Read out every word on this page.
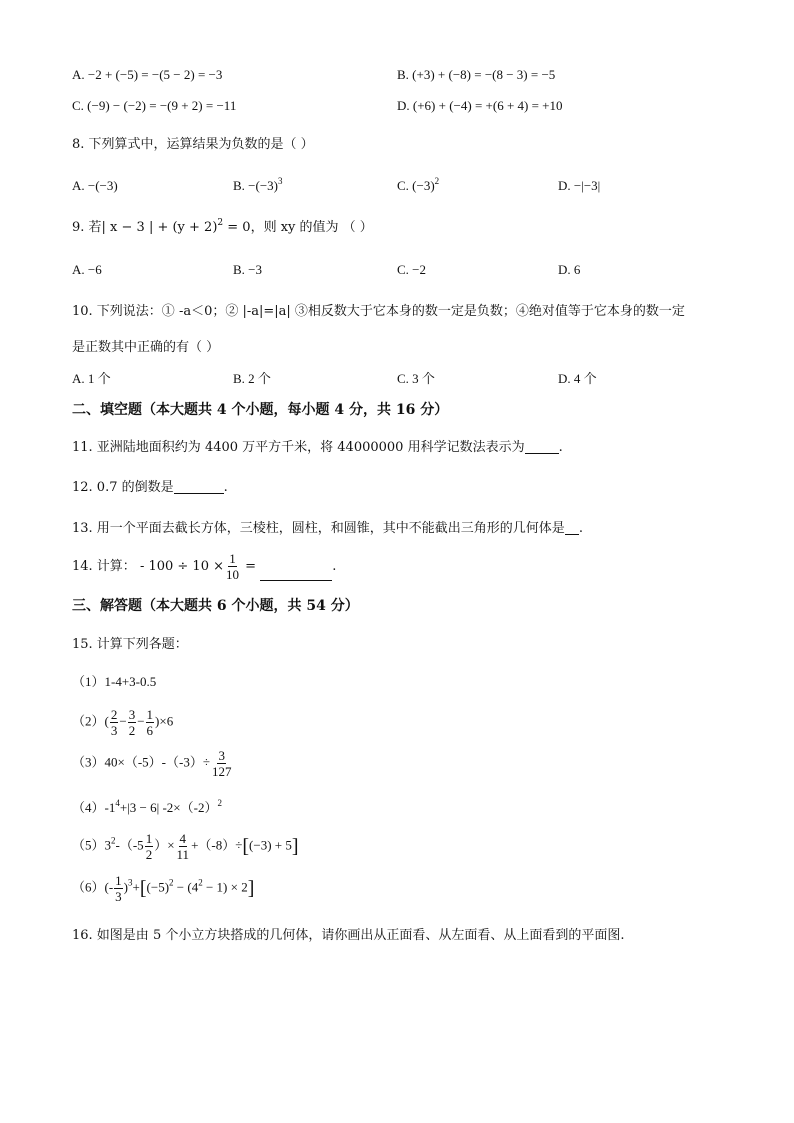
A. −2 + (−5) = −(5 − 2) = −3	B. (+3) + (−8) = −(8 − 3) = −5
C. (−9) − (−2) = −(9 + 2) = −11	D. (+6) + (−4) = +(6 + 4) = +10
8. 下列算式中，运算结果为负数的是（ ）
A. −(−3)	B. $-(-3)^3$	C. $(-3)^2$	D. −|−3|
9. 若| x − 3 | + $(y + 2)^2 = 0$，则 xy 的值为 （ ）
A. −6	B. −3	C. −2	D. 6
10. 下列说法：① -a＜0；② |-a|=|a| ③相反数大于它本身的数一定是负数；④绝对值等于它本身的数一定
是正数其中正确的有（ ）
A. 1 个	B. 2 个	C. 3 个	D. 4 个
二、填空题（本大题共 4 个小题，每小题 4 分，共 16 分）
11. 亚洲陆地面积约为 4400 万平方千米，将 44000000 用科学记数法表示为	.
12. 0.7 的倒数是	.
13. 用一个平面去截长方体，三棱柱，圆柱，和圆锥，其中不能截出三角形的几何体是 .
14. 计算： - $100 \div 10 \times \frac{1}{10}$ =	.
三、解答题（本大题共 6 个小题，共 54 分）
15. 计算下列各题：
（1）1-4+3-0.5
$(2)( \frac{2}{3} - \frac{3}{2} - \frac{1}{6} )\times 6$
$(3)40\times(-5)-(-3)\div \frac{3}{127}$
$(4)-1^4+|3 - 6|$ $-2\times(-2)^2$
$(5)3^2-(-5 \frac{1}{2}$ ）× $\frac{4}{11} +(-8)\div[(-3) + 5]$
$(6)(- \frac{1}{3} )^3+[(-5)^2 - (4^2 - 1) \times 2]$
16. 如图是由 5 个小立方块搭成的几何体，请你画出从正面看、从左面看、从上面看到的平面图.
